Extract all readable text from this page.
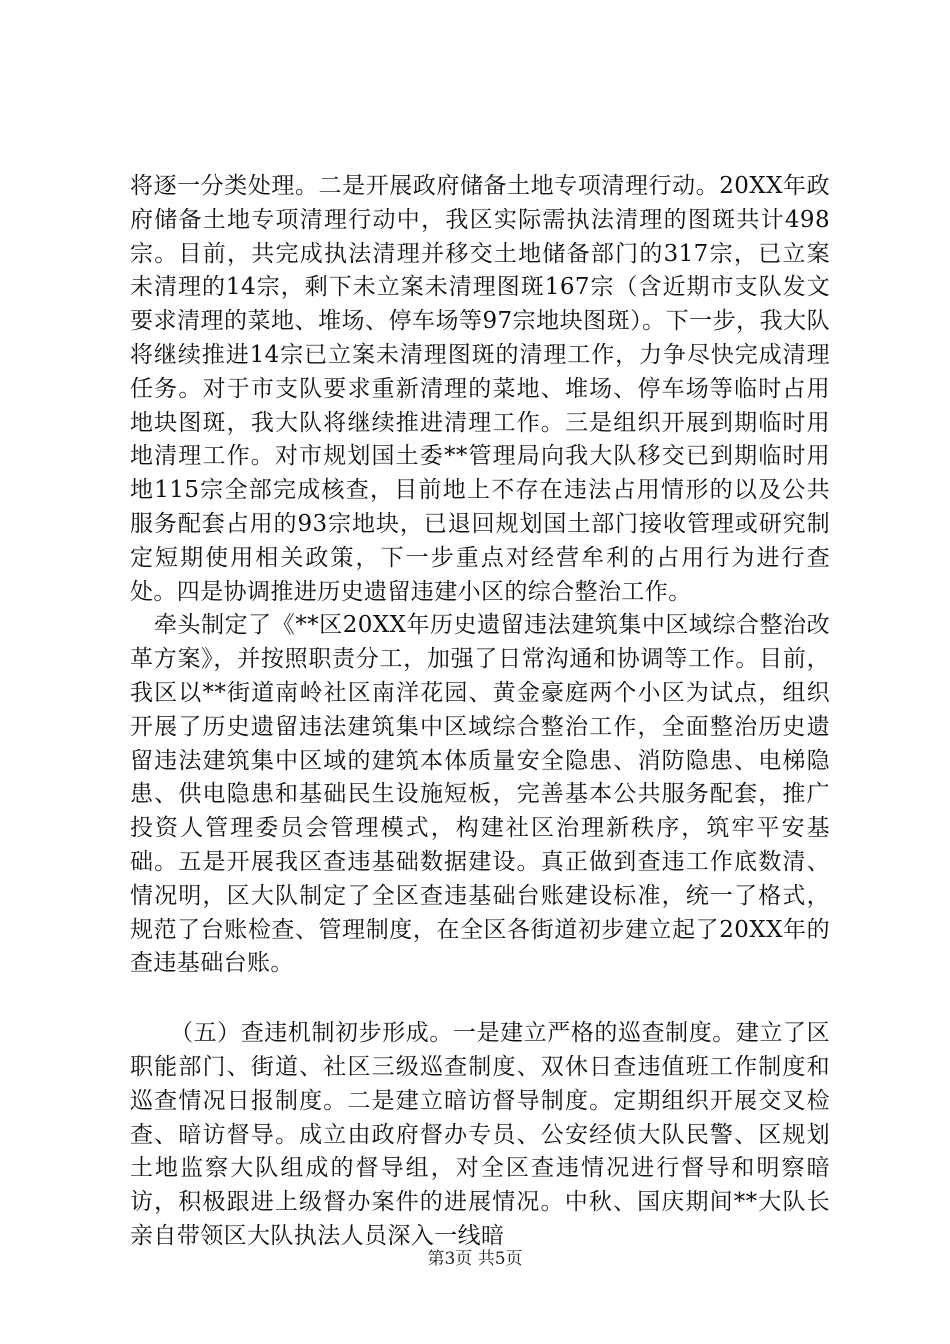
将逐一分类处理。二是开展政府储备土地专项清理行动。20XX年政府储备土地专项清理行动中，我区实际需执法清理的图斑共计498宗。目前，共完成执法清理并移交土地储备部门的317宗，已立案未清理的14宗，剩下未立案未清理图斑167宗（含近期市支队发文要求清理的菜地、堆场、停车场等97宗地块图斑）。下一步，我大队将继续推进14宗已立案未清理图斑的清理工作，力争尽快完成清理任务。对于市支队要求重新清理的菜地、堆场、停车场等临时占用地块图斑，我大队将继续推进清理工作。三是组织开展到期临时用地清理工作。对市规划国土委**管理局向我大队移交已到期临时用地115宗全部完成核查，目前地上不存在违法占用情形的以及公共服务配套占用的93宗地块，已退回规划国土部门接收管理或研究制定短期使用相关政策，下一步重点对经营牟利的占用行为进行查处。四是协调推进历史遗留违建小区的综合整治工作。

牵头制定了《**区20XX年历史遗留违法建筑集中区域综合整治改革方案》，并按照职责分工，加强了日常沟通和协调等工作。目前，我区以**街道南岭社区南洋花园、黄金豪庭两个小区为试点，组织开展了历史遗留违法建筑集中区域综合整治工作，全面整治历史遗留违法建筑集中区域的建筑本体质量安全隐患、消防隐患、电梯隐患、供电隐患和基础民生设施短板，完善基本公共服务配套，推广投资人管理委员会管理模式，构建社区治理新秩序，筑牢平安基础。五是开展我区查违基础数据建设。真正做到查违工作底数清、情况明，区大队制定了全区查违基础台账建设标准，统一了格式，规范了台账检查、管理制度，在全区各街道初步建立起了20XX年的查违基础台账。

（五）查违机制初步形成。一是建立严格的巡查制度。建立了区职能部门、街道、社区三级巡查制度、双休日查违值班工作制度和巡查情况日报制度。二是建立暗访督导制度。定期组织开展交叉检查、暗访督导。成立由政府督办专员、公安经侦大队民警、区规划土地监察大队组成的督导组，对全区查违情况进行督导和明察暗访，积极跟进上级督办案件的进展情况。中秋、国庆期间**大队长亲自带领区大队执法人员深入一线暗

第3页 共5页
